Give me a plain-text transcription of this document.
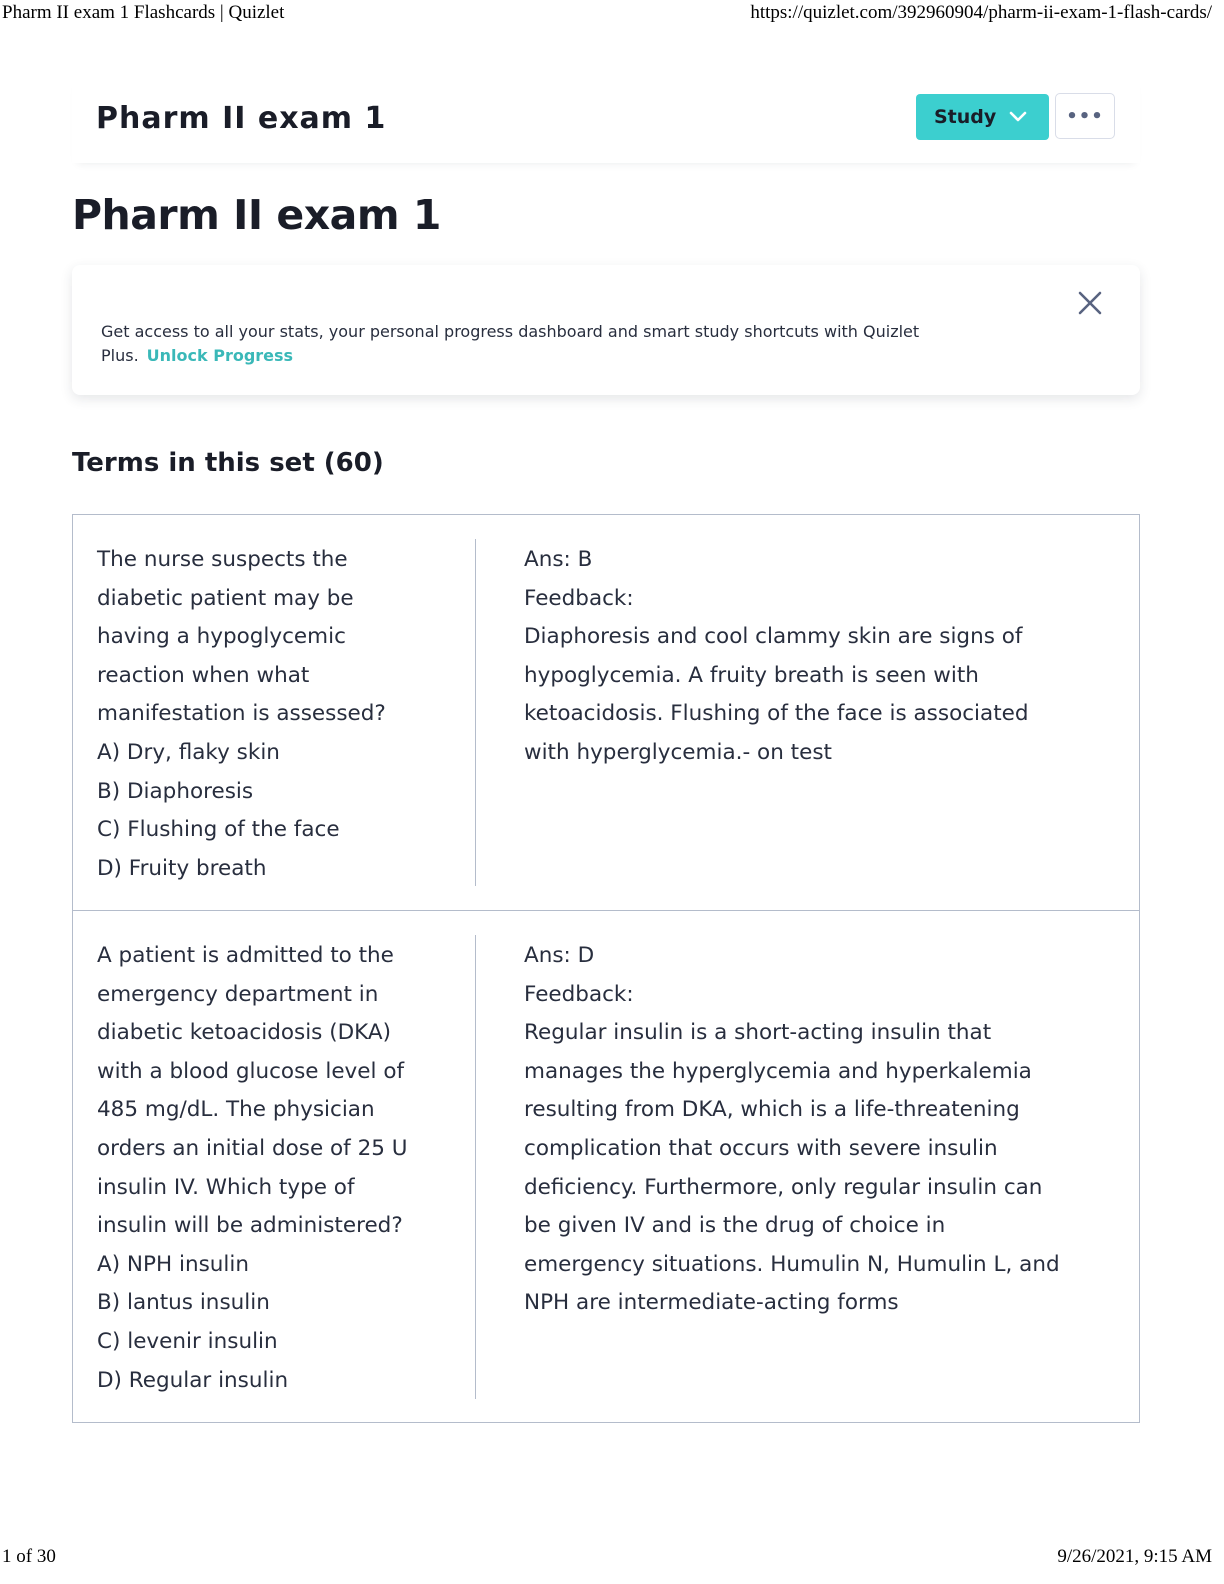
Pharm II exam 1 Flashcards | Quizlet	https://quizlet.com/392960904/pharm-ii-exam-1-flash-cards/
Pharm II exam 1	Study	•••
Pharm II exam 1
Get access to all your stats, your personal progress dashboard and smart study shortcuts with Quizlet
Plus. Unlock Progress
Terms in this set (60)
The nurse suspects the
diabetic patient may be
having a hypoglycemic
reaction when what
manifestation is assessed?
A) Dry, flaky skin
B) Diaphoresis
C) Flushing of the face
D) Fruity breath
Ans: B
Feedback:
Diaphoresis and cool clammy skin are signs of
hypoglycemia. A fruity breath is seen with
ketoacidosis. Flushing of the face is associated
with hyperglycemia.- on test
A patient is admitted to the
emergency department in
diabetic ketoacidosis (DKA)
with a blood glucose level of
485 mg/dL. The physician
orders an initial dose of 25 U
insulin IV. Which type of
insulin will be administered?
A) NPH insulin
B) lantus insulin
C) levenir insulin
D) Regular insulin
Ans: D
Feedback:
Regular insulin is a short-acting insulin that
manages the hyperglycemia and hyperkalemia
resulting from DKA, which is a life-threatening
complication that occurs with severe insulin
deficiency. Furthermore, only regular insulin can
be given IV and is the drug of choice in
emergency situations. Humulin N, Humulin L, and
NPH are intermediate-acting forms
1 of 30	9/26/2021, 9:15 AM
